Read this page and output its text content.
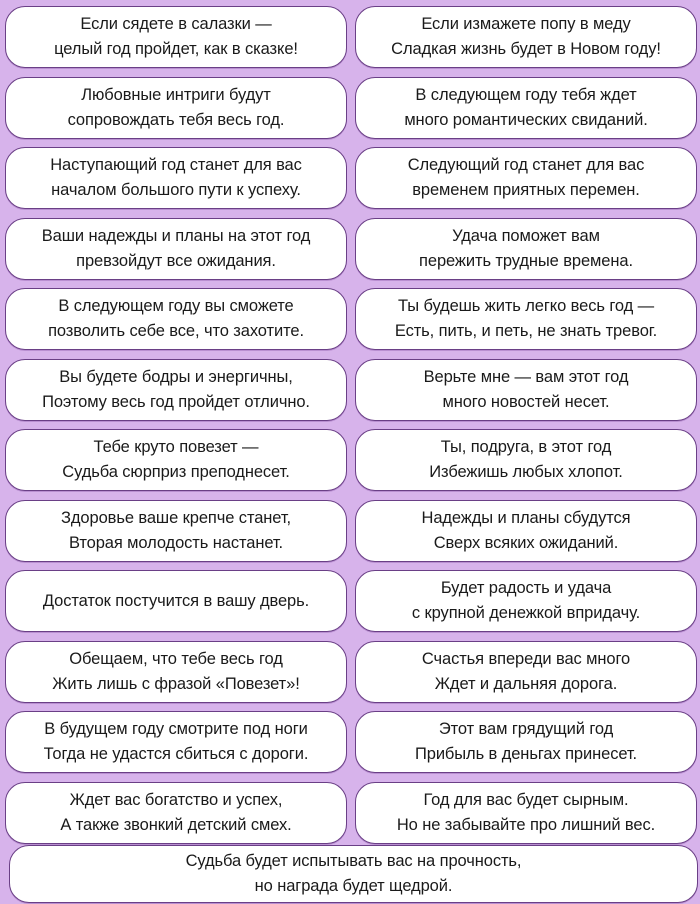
Если сядете в салазки —
целый год пройдет, как в сказке!
Если измажете попу в меду
Сладкая жизнь будет в Новом году!
Любовные интриги будут
сопровождать тебя весь год.
В следующем году тебя ждет
много романтических свиданий.
Наступающий год станет для вас
началом большого пути к успеху.
Следующий год станет для вас
временем приятных перемен.
Ваши надежды и планы на этот год
превзойдут все ожидания.
Удача поможет вам
пережить трудные времена.
В следующем году вы сможете
позволить себе все, что захотите.
Ты будешь жить легко весь год —
Есть, пить, и петь, не знать тревог.
Вы будете бодры и энергичны,
Поэтому весь год пройдет отлично.
Верьте мне — вам этот год
много новостей несет.
Тебе круто повезет —
Судьба сюрприз преподнесет.
Ты, подруга, в этот год
Избежишь любых хлопот.
Здоровье ваше крепче станет,
Вторая молодость настанет.
Надежды и планы сбудутся
Сверх всяких ожиданий.
Достаток постучится в вашу дверь.
Будет радость и удача
с крупной денежкой впридачу.
Обещаем, что тебе весь год
Жить лишь с фразой «Повезет»!
Счастья впереди вас много
Ждет и дальняя дорога.
В будущем году смотрите под ноги
Тогда не удастся сбиться с дороги.
Этот вам грядущий год
Прибыль в деньгах принесет.
Ждет вас богатство и успех,
А также звонкий детский смех.
Год для вас будет сырным.
Но не забывайте про лишний вес.
Судьба будет испытывать вас на прочность,
но награда будет щедрой.
